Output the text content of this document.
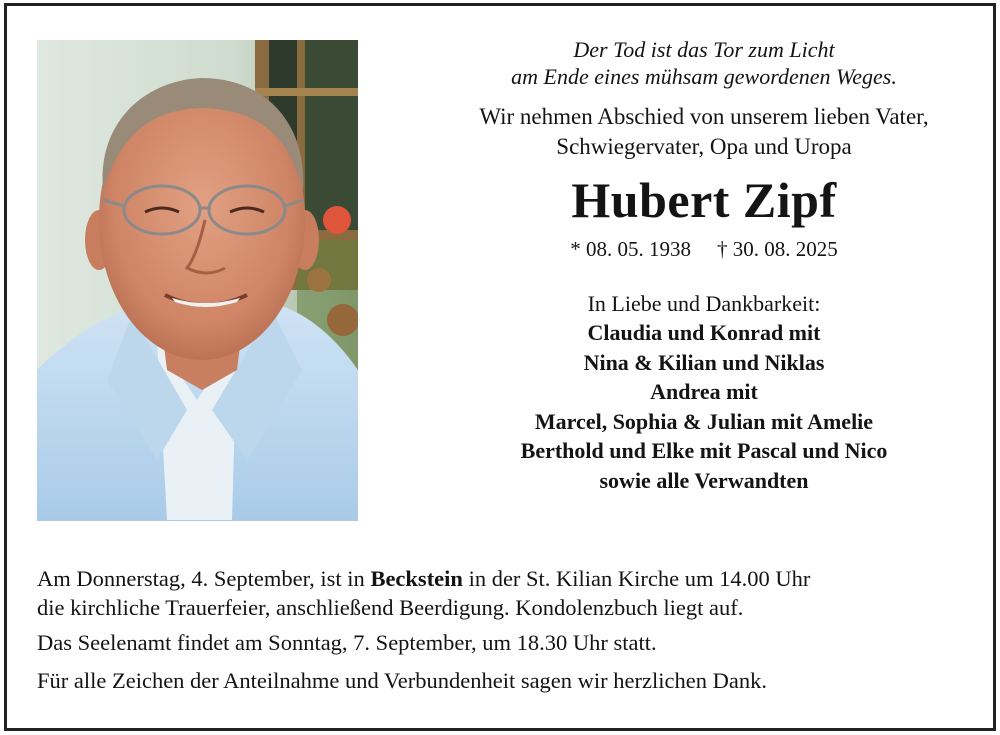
Der Tod ist das Tor zum Licht

am Ende eines mühsam gewordenen Weges.

Wir nehmen Abschied von unserem lieben Vater,
Schwiegervater, Opa und Uropa
Hubert Zipf
* 08. 05. 1938 † 30. 08. 2025
In Liebe und Dankbarkeit:
Claudia und Konrad mit
Nina & Kilian und Niklas
Andrea mit
Marcel, Sophia & Julian mit Amelie
Berthold und Elke mit Pascal und Nico
sowie alle Verwandten

Am Donnerstag, 4. September, ist in Beckstein in der St. Kilian Kirche um 14.00 Uhr
die kirchliche Trauerfeier, anschließend Beerdigung. Kondolenzbuch liegt auf.

Das Seelenamt findet am Sonntag, 7. September, um 18.30 Uhr statt.

Für alle Zeichen der Anteilnahme und Verbundenheit sagen wir herzlichen Dank.
